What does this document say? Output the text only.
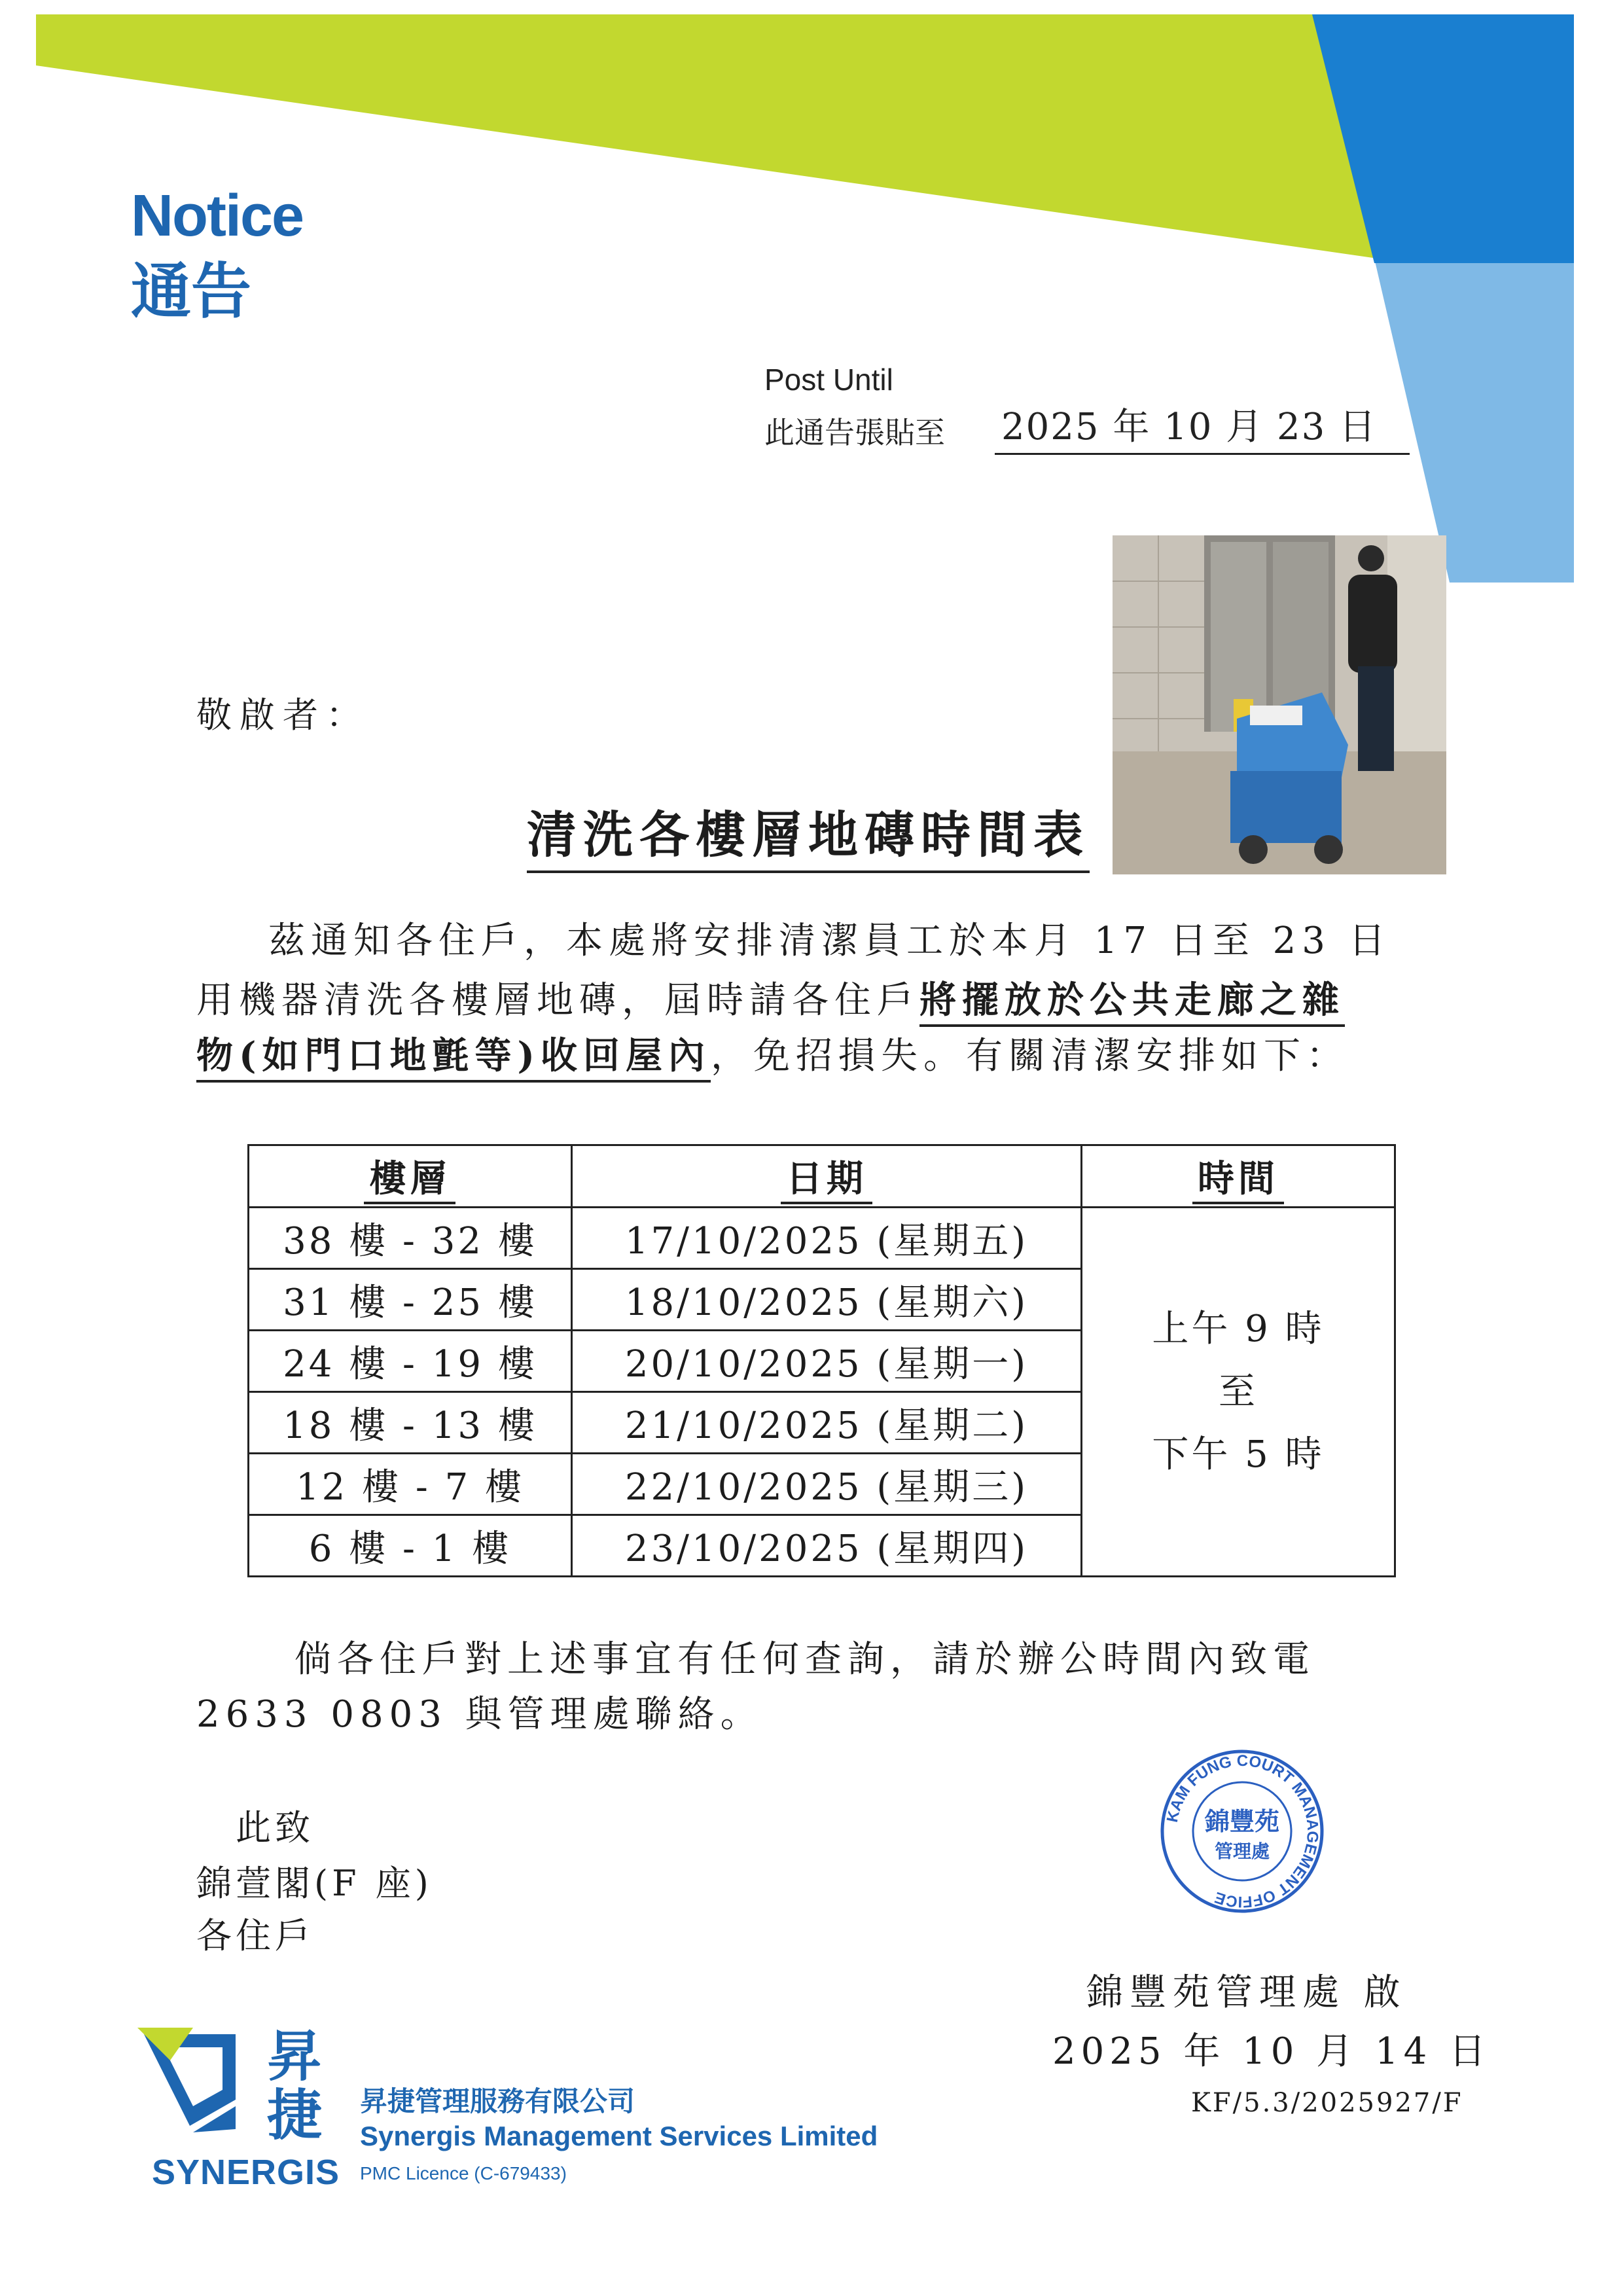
Notice
通告
Post Until
此通告張貼至 2025 年 10 月 23 日
敬啟者：
清洗各樓層地磚時間表
茲通知各住戶，本處將安排清潔員工於本月 17 日至 23 日
用機器清洗各樓層地磚，屆時請各住戶將擺放於公共走廊之雜
物(如門口地氈等)收回屋內，免招損失。有關清潔安排如下：
樓層	日期	時間
38 樓 - 32 樓	17/10/2025 (星期五)	上午 9 時
至
下午 5 時

31 樓 - 25 樓	18/10/2025 (星期六)	
24 樓 - 19 樓	20/10/2025 (星期一)	
18 樓 - 13 樓	21/10/2025 (星期二)	
12 樓 - 7 樓	22/10/2025 (星期三)	
6 樓 - 1 樓	23/10/2025 (星期四)	
倘各住戶對上述事宜有任何查詢，請於辦公時間內致電
2633 0803 與管理處聯絡。
此致
錦萱閣(F 座)
各住戶
KAM FUNG COURT MANAGEMENT OFFICE
錦豐苑
管理處
錦豐苑管理處 啟
2025 年 10 月 14 日
KF/5.3/2025927/F
昇
捷
SYNERGIS
昇捷管理服務有限公司
Synergis Management Services Limited
PMC Licence (C-679433)
